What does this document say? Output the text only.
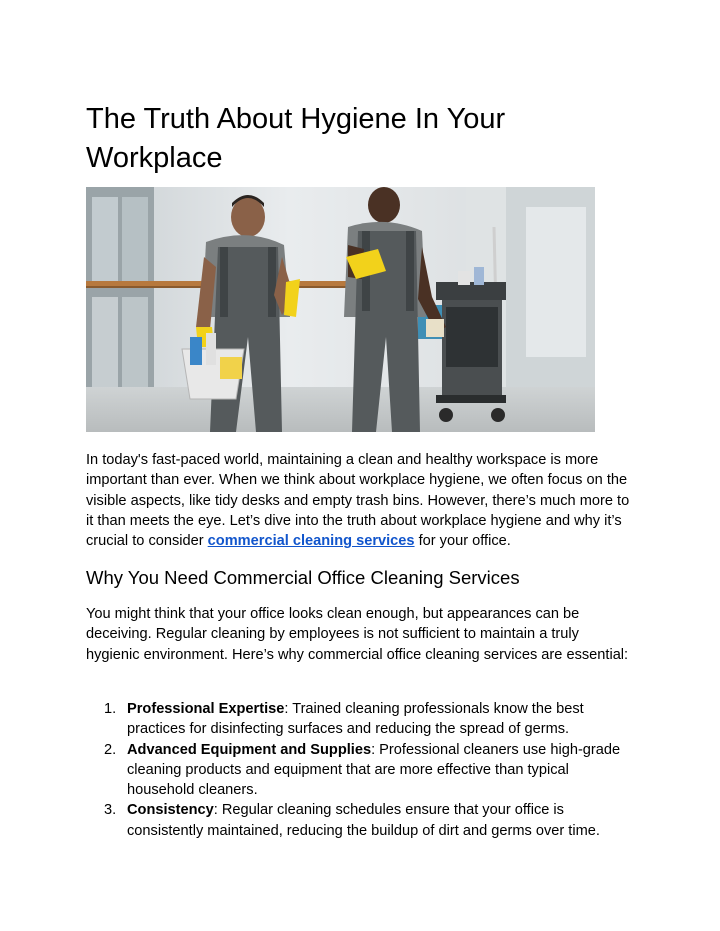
The Truth About Hygiene In Your Workplace

In today's fast-paced world, maintaining a clean and healthy workspace is more important than ever. When we think about workplace hygiene, we often focus on the visible aspects, like tidy desks and empty trash bins. However, there’s much more to it than meets the eye. Let’s dive into the truth about workplace hygiene and why it’s crucial to consider commercial cleaning services for your office.

Why You Need Commercial Office Cleaning Services

You might think that your office looks clean enough, but appearances can be deceiving. Regular cleaning by employees is not sufficient to maintain a truly hygienic environment. Here’s why commercial office cleaning services are essential:

1. Professional Expertise: Trained cleaning professionals know the best practices for disinfecting surfaces and reducing the spread of germs.
2. Advanced Equipment and Supplies: Professional cleaners use high-grade cleaning products and equipment that are more effective than typical household cleaners.
3. Consistency: Regular cleaning schedules ensure that your office is consistently maintained, reducing the buildup of dirt and germs over time.
